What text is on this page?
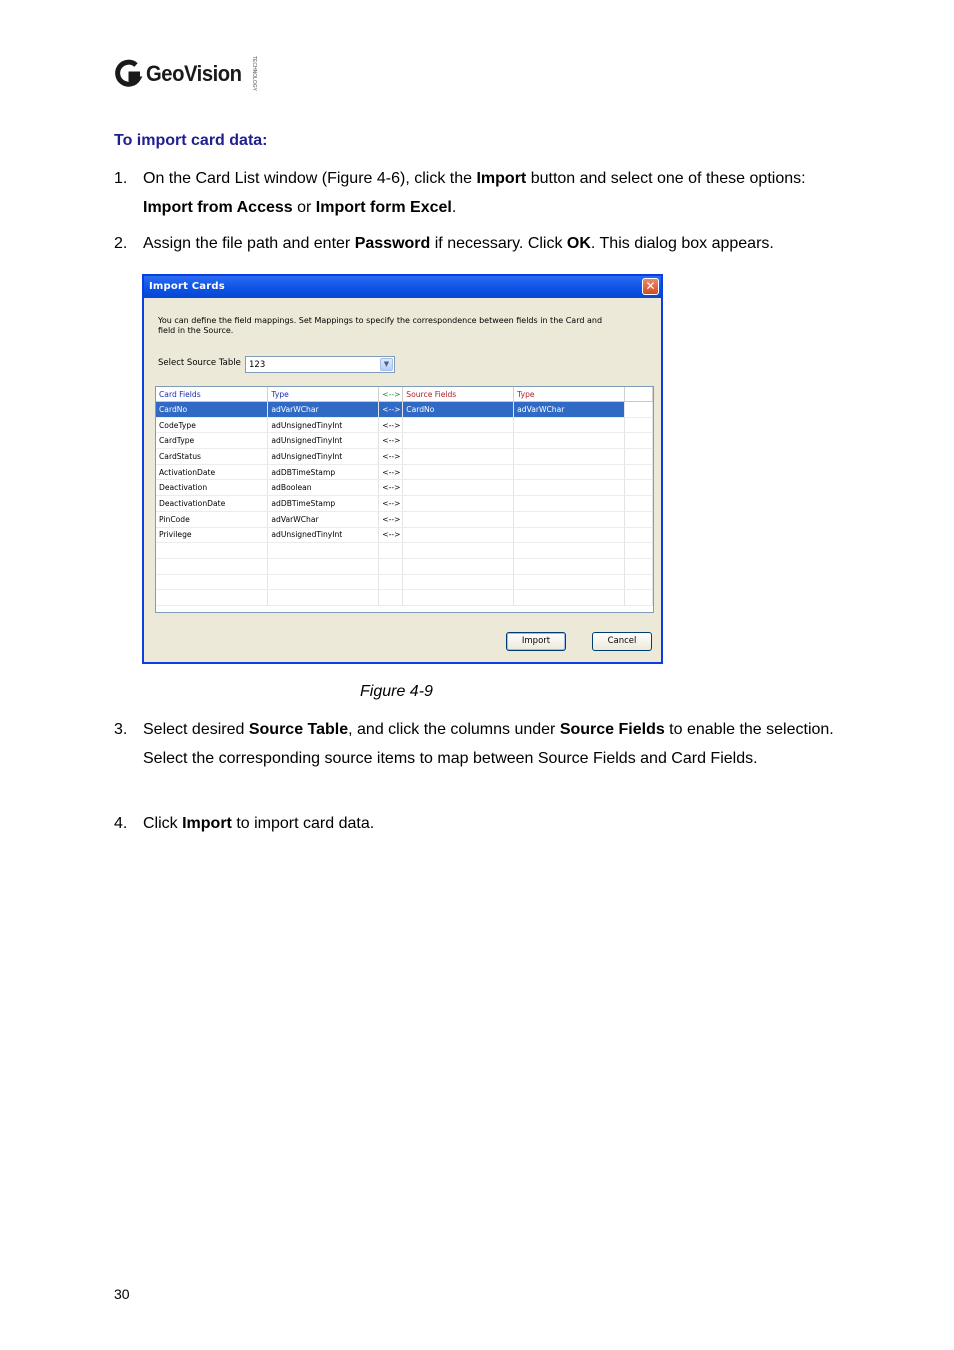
GeoVision TECHNOLOGY
To import card data:
1. On the Card List window (Figure 4-6), click the Import button and select one of these options: Import from Access or Import form Excel.
2. Assign the file path and enter Password if necessary. Click OK. This dialog box appears.
Import Cards	✕
You can define the field mappings. Set Mappings to specify the correspondence between fields in the Card and field in the Source.
Select Source Table 123	▼
Card Fields	Type	<-->	Source Fields	Type	
CardNo	adVarWChar	<-->	CardNo	adVarWChar	
CodeType	adUnsignedTinyInt	<-->			
CardType	adUnsignedTinyInt	<-->			
CardStatus	adUnsignedTinyInt	<-->			
ActivationDate	adDBTimeStamp	<-->			
Deactivation	adBoolean	<-->			
DeactivationDate	adDBTimeStamp	<-->			
PinCode	adVarWChar	<-->			
Privilege	adUnsignedTinyInt	<-->			

Import	Cancel
Figure 4-9
3. Select desired Source Table, and click the columns under Source Fields to enable the selection. Select the corresponding source items to map between Source Fields and Card Fields.
4. Click Import to import card data.
30
